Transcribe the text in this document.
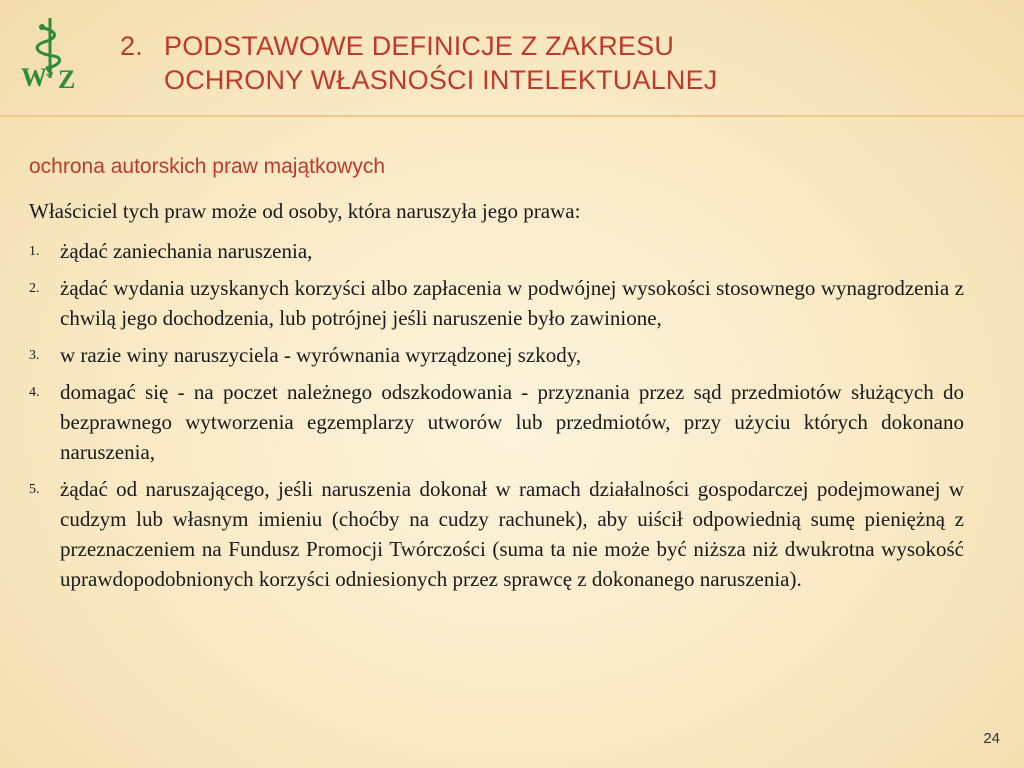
W S Z
2. PODSTAWOWE DEFINICJE Z ZAKRESU
OCHRONY WŁASNOŚCI INTELEKTUALNEJ
ochrona autorskich praw majątkowych
Właściciel tych praw może od osoby, która naruszyła jego prawa:
1. żądać zaniechania naruszenia,
2. żądać wydania uzyskanych korzyści albo zapłacenia w podwójnej wysokości stosownego wynagrodzenia z chwilą jego dochodzenia, lub potrójnej jeśli naruszenie było zawinione,
3. w razie winy naruszyciela - wyrównania wyrządzonej szkody,
4. domagać się - na poczet należnego odszkodowania - przyznania przez sąd przedmiotów służących do bezprawnego wytworzenia egzemplarzy utworów lub przedmiotów, przy użyciu których dokonano naruszenia,
5. żądać od naruszającego, jeśli naruszenia dokonał w ramach działalności gospodarczej podejmowanej w cudzym lub własnym imieniu (choćby na cudzy rachunek), aby uiścił odpowiednią sumę pieniężną z przeznaczeniem na Fundusz Promocji Twórczości (suma ta nie może być niższa niż dwukrotna wysokość uprawdopodobnionych korzyści odniesionych przez sprawcę z dokonanego naruszenia).
24
